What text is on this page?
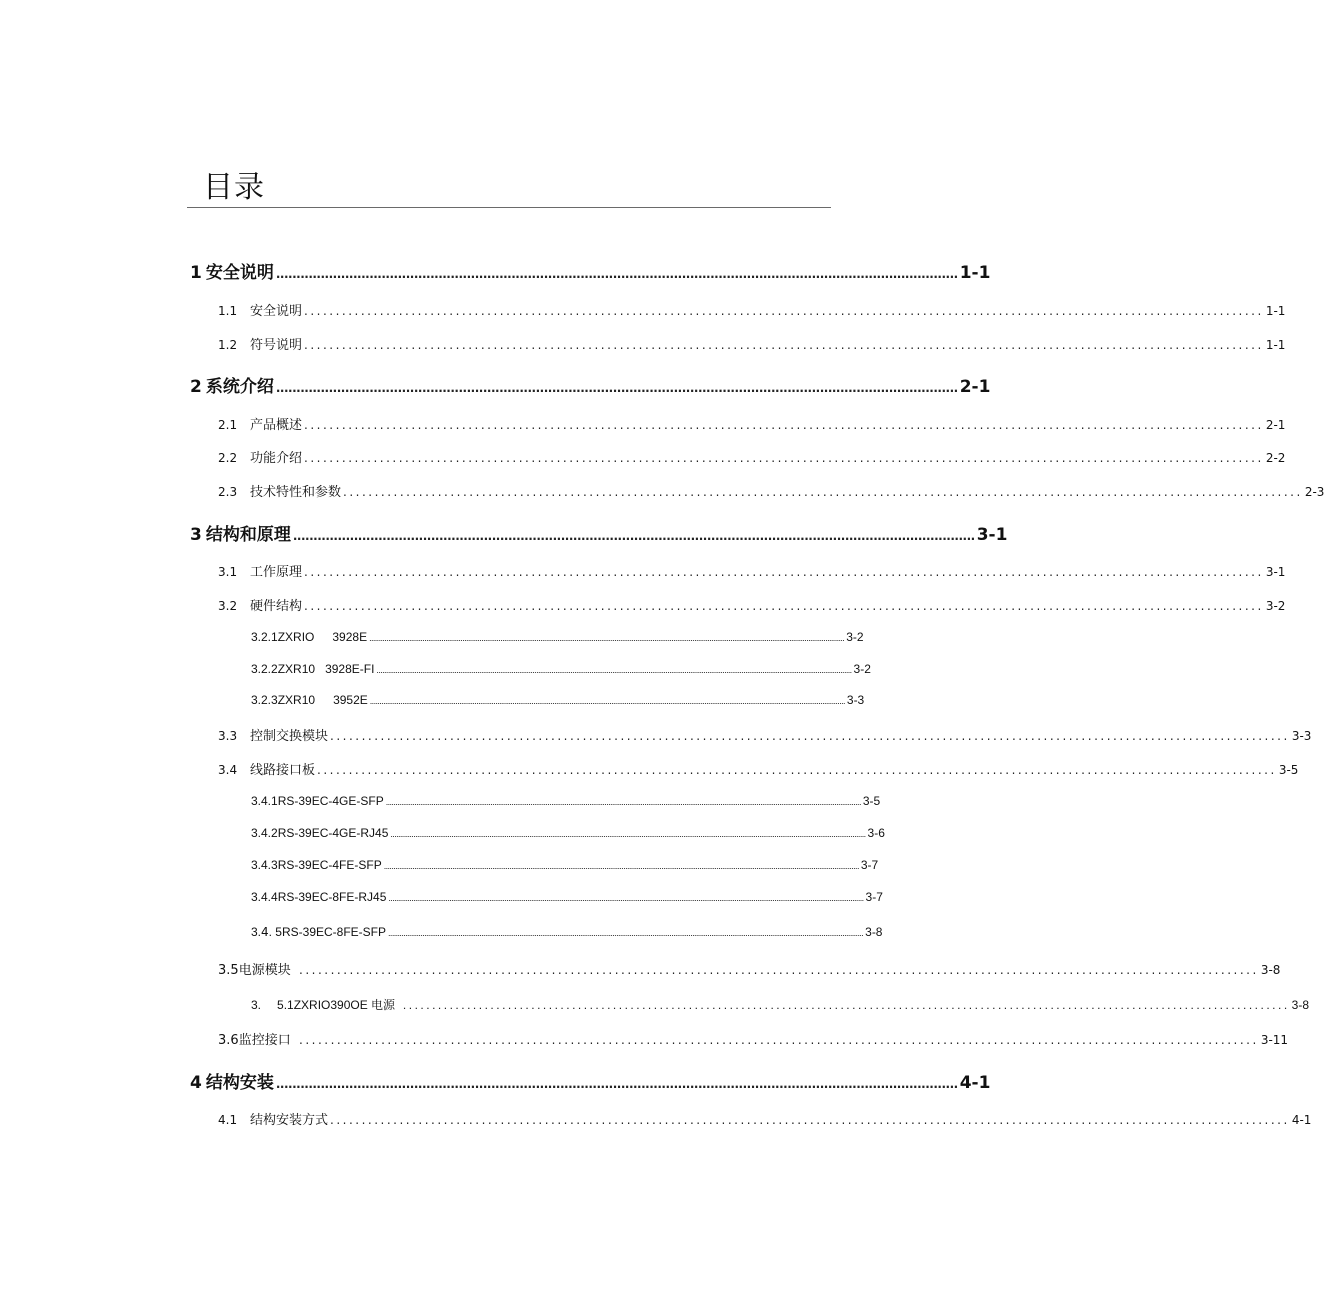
目录
1 安全说明 ........................................................................................................................................................................ 1-1
1.1 安全说明 ........................................................................................................................................................ 1-1
1.2 符号说明 ........................................................................................................................................................ 1-1
2 系统介绍 ........................................................................................................................................................................ 2-1
2.1 产品概述 ........................................................................................................................................................ 2-1
2.2 功能介绍 ........................................................................................................................................................ 2-2
2.3 技术特性和参数 ........................................................................................................................................................ 2-3
3 结构和原理 ........................................................................................................................................................................ 3-1
3.1 工作原理 ........................................................................................................................................................ 3-1
3.2 硬件结构 ........................................................................................................................................................ 3-2
3.2.1ZXRIO 3928E .......................................................................................................................................................................................................................................................... 3-2
3.2.2ZXR10 3928E-FI .......................................................................................................................................................................................................................................................... 3-2
3.2.3ZXR10 3952E .......................................................................................................................................................................................................................................................... 3-3
3.3 控制交换模块 ........................................................................................................................................................ 3-3
3.4 线路接口板 ........................................................................................................................................................ 3-5
3.4.1RS-39EC-4GE-SFP .......................................................................................................................................................................................................................................................... 3-5
3.4.2RS-39EC-4GE-RJ45 .......................................................................................................................................................................................................................................................... 3-6
3.4.3RS-39EC-4FE-SFP .......................................................................................................................................................................................................................................................... 3-7
3.4.4RS-39EC-8FE-RJ45 .......................................................................................................................................................................................................................................................... 3-7
3.𝟦. 5RS-39EC-8FE-SFP .......................................................................................................................................................................................................................................................... 3-8
3.5电源模块 ........................................................................................................................................................ 3-8
3. 5.1ZXRIO390OE 电源 ........................................................................................................................................................ 3-8
3.6监控接口 ........................................................................................................................................................ 3-11
4 结构安装 ........................................................................................................................................................................ 4-1
4.1 结构安装方式 ........................................................................................................................................................ 4-1
